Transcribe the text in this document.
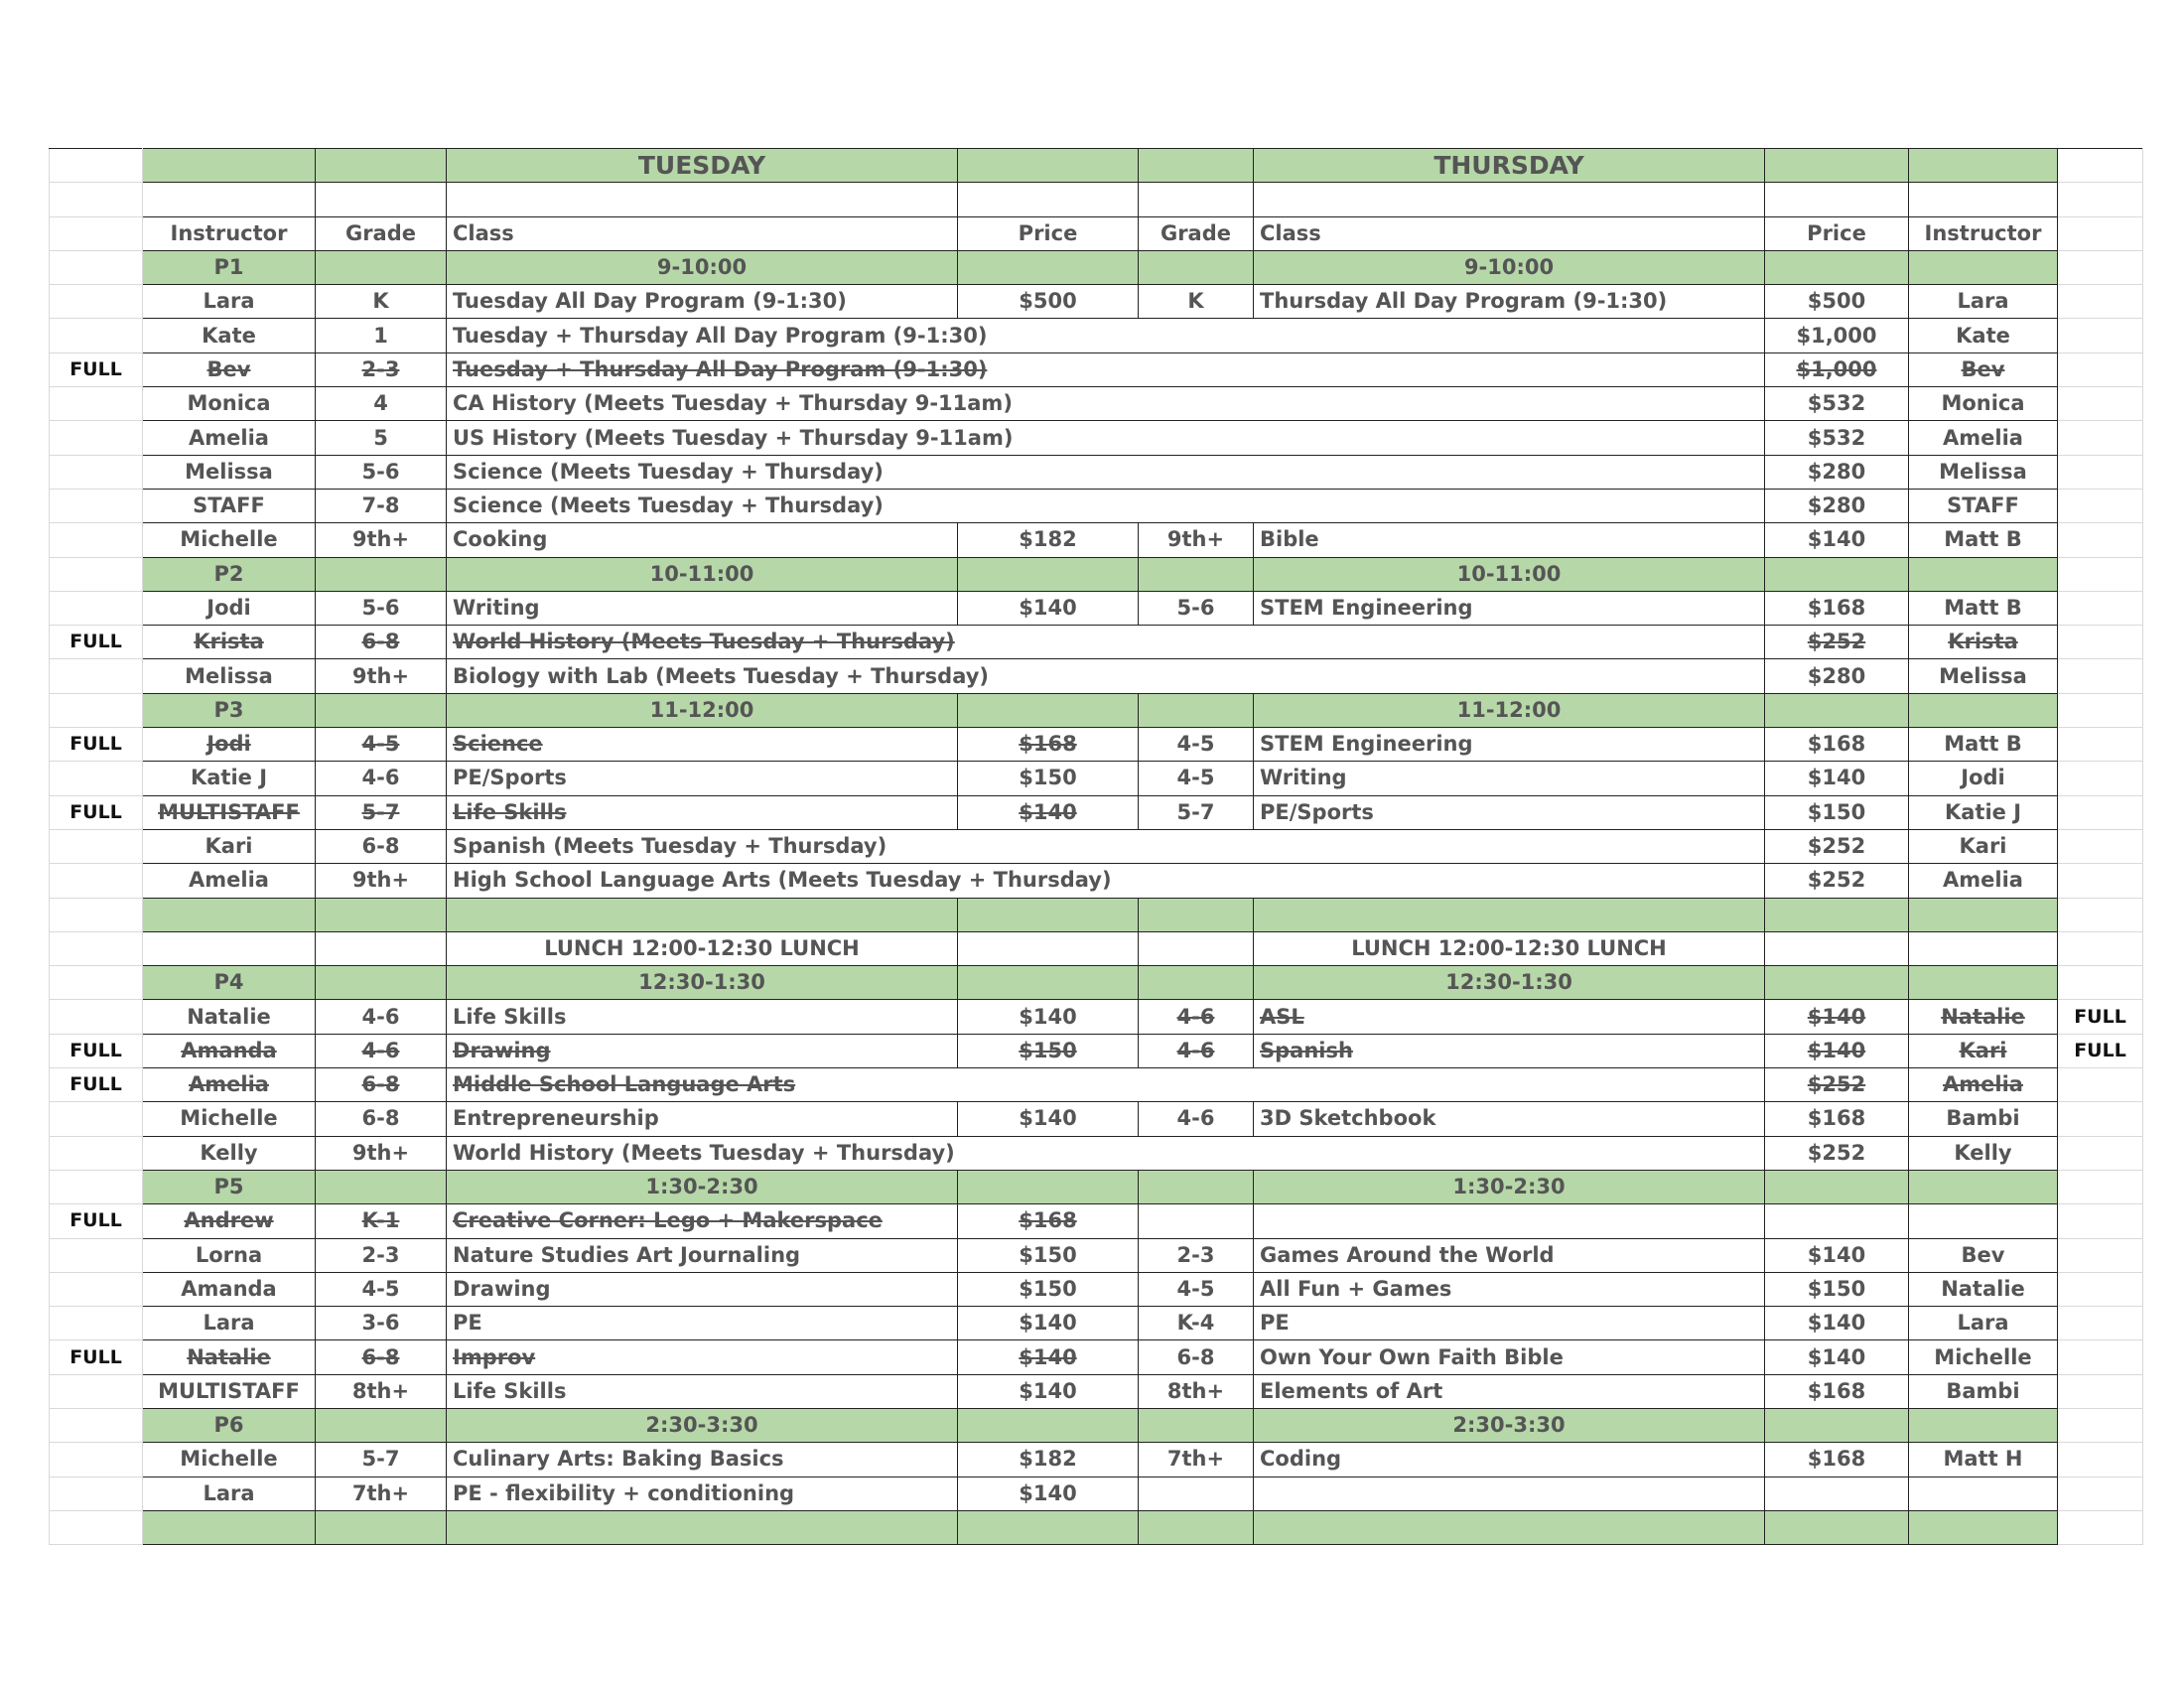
			TUESDAY			THURSDAY			

	Instructor	Grade	Class	Price	Grade	Class	Price	Instructor	
	P1		9-10:00			9-10:00			
	Lara	K	Tuesday All Day Program (9-1:30)	$500	K	Thursday All Day Program (9-1:30)	$500	Lara	
	Kate	1	Tuesday + Thursday All Day Program (9-1:30)				$1,000	Kate	
FULL	Bev	2-3	Tuesday + Thursday All Day Program (9-1:30)				$1,000	Bev	
	Monica	4	CA History (Meets Tuesday + Thursday 9-11am)				$532	Monica	
	Amelia	5	US History (Meets Tuesday + Thursday 9-11am)				$532	Amelia	
	Melissa	5-6	Science (Meets Tuesday + Thursday)				$280	Melissa	
	STAFF	7-8	Science (Meets Tuesday + Thursday)				$280	STAFF	
	Michelle	9th+	Cooking	$182	9th+	Bible	$140	Matt B	
	P2		10-11:00			10-11:00			
	Jodi	5-6	Writing	$140	5-6	STEM Engineering	$168	Matt B	
FULL	Krista	6-8	World History (Meets Tuesday + Thursday)				$252	Krista	
	Melissa	9th+	Biology with Lab (Meets Tuesday + Thursday)				$280	Melissa	
	P3		11-12:00			11-12:00			
FULL	Jodi	4-5	Science	$168	4-5	STEM Engineering	$168	Matt B	
	Katie J	4-6	PE/Sports	$150	4-5	Writing	$140	Jodi	
FULL	MULTISTAFF	5-7	Life Skills	$140	5-7	PE/Sports	$150	Katie J	
	Kari	6-8	Spanish (Meets Tuesday + Thursday)				$252	Kari	
	Amelia	9th+	High School Language Arts (Meets Tuesday + Thursday)				$252	Amelia	

			LUNCH 12:00-12:30 LUNCH			LUNCH 12:00-12:30 LUNCH			
	P4		12:30-1:30			12:30-1:30			
	Natalie	4-6	Life Skills	$140	4-6	ASL	$140	Natalie	FULL
FULL	Amanda	4-6	Drawing	$150	4-6	Spanish	$140	Kari	FULL
FULL	Amelia	6-8	Middle School Language Arts				$252	Amelia	
	Michelle	6-8	Entrepreneurship	$140	4-6	3D Sketchbook	$168	Bambi	
	Kelly	9th+	World History (Meets Tuesday + Thursday)				$252	Kelly	
	P5		1:30-2:30			1:30-2:30			
FULL	Andrew	K-1	Creative Corner: Lego + Makerspace	$168					
	Lorna	2-3	Nature Studies Art Journaling	$150	2-3	Games Around the World	$140	Bev	
	Amanda	4-5	Drawing	$150	4-5	All Fun + Games	$150	Natalie	
	Lara	3-6	PE	$140	K-4	PE	$140	Lara	
FULL	Natalie	6-8	Improv	$140	6-8	Own Your Own Faith Bible	$140	Michelle	
	MULTISTAFF	8th+	Life Skills	$140	8th+	Elements of Art	$168	Bambi	
	P6		2:30-3:30			2:30-3:30			
	Michelle	5-7	Culinary Arts: Baking Basics	$182	7th+	Coding	$168	Matt H	
	Lara	7th+	PE - flexibility + conditioning	$140					
